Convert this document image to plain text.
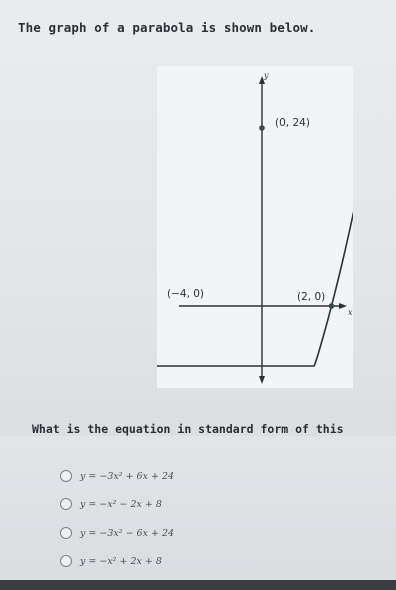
The graph of a parabola is shown below.
y
x
(0, 24)
(−4, 0)	(2, 0)
What is the equation in standard form of this
y = −3x² + 6x + 24
y = −x² − 2x + 8
y = −3x² − 6x + 24
y = −x² + 2x + 8
